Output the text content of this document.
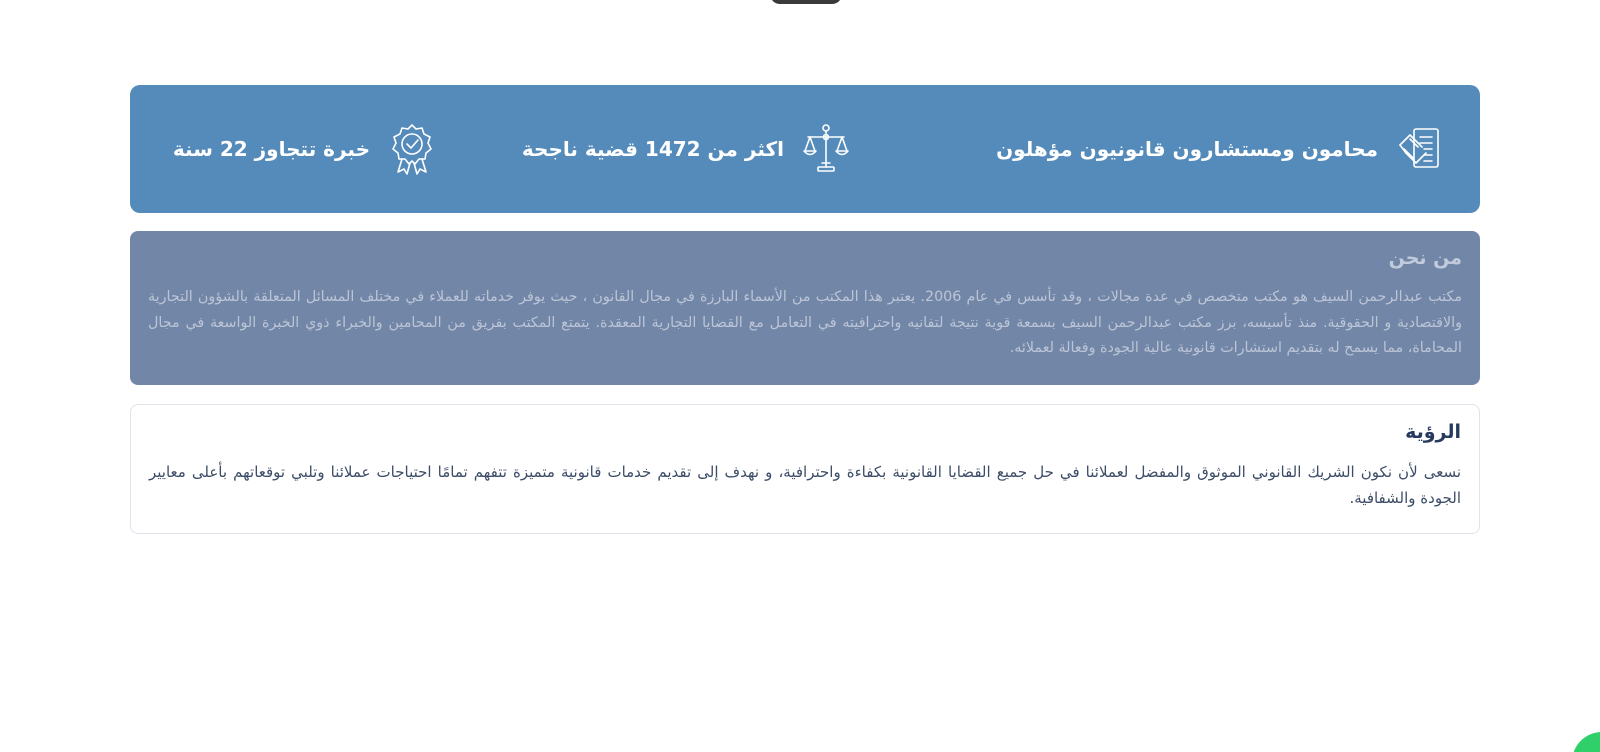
محامون ومستشارون قانونيون مؤهلون
اكثر من 1472 قضية ناجحة
خبرة تتجاوز 22 سنة
من نحن

مكتب عبدالرحمن السيف هو مكتب متخصص في عدة مجالات ، وقد تأسس في عام 2006. يعتبر هذا المكتب من الأسماء البارزة في مجال القانون ، حيث يوفر خدماته للعملاء في مختلف المسائل المتعلقة بالشؤون التجارية والاقتصادية و الحقوقية. منذ تأسيسه، برز مكتب عبدالرحمن السيف بسمعة قوية نتيجة لتفانيه واحترافيته في التعامل مع القضايا التجارية المعقدة. يتمتع المكتب بفريق من المحامين والخبراء ذوي الخبرة الواسعة في مجال المحاماة، مما يسمح له بتقديم استشارات قانونية عالية الجودة وفعالة لعملائه.

الرؤية

نسعى لأن نكون الشريك القانوني الموثوق والمفضل لعملائنا في حل جميع القضايا القانونية بكفاءة واحترافية، و نهدف إلى تقديم خدمات قانونية متميزة تتفهم تمامًا احتياجات عملائنا وتلبي توقعاتهم بأعلى معايير الجودة والشفافية.
